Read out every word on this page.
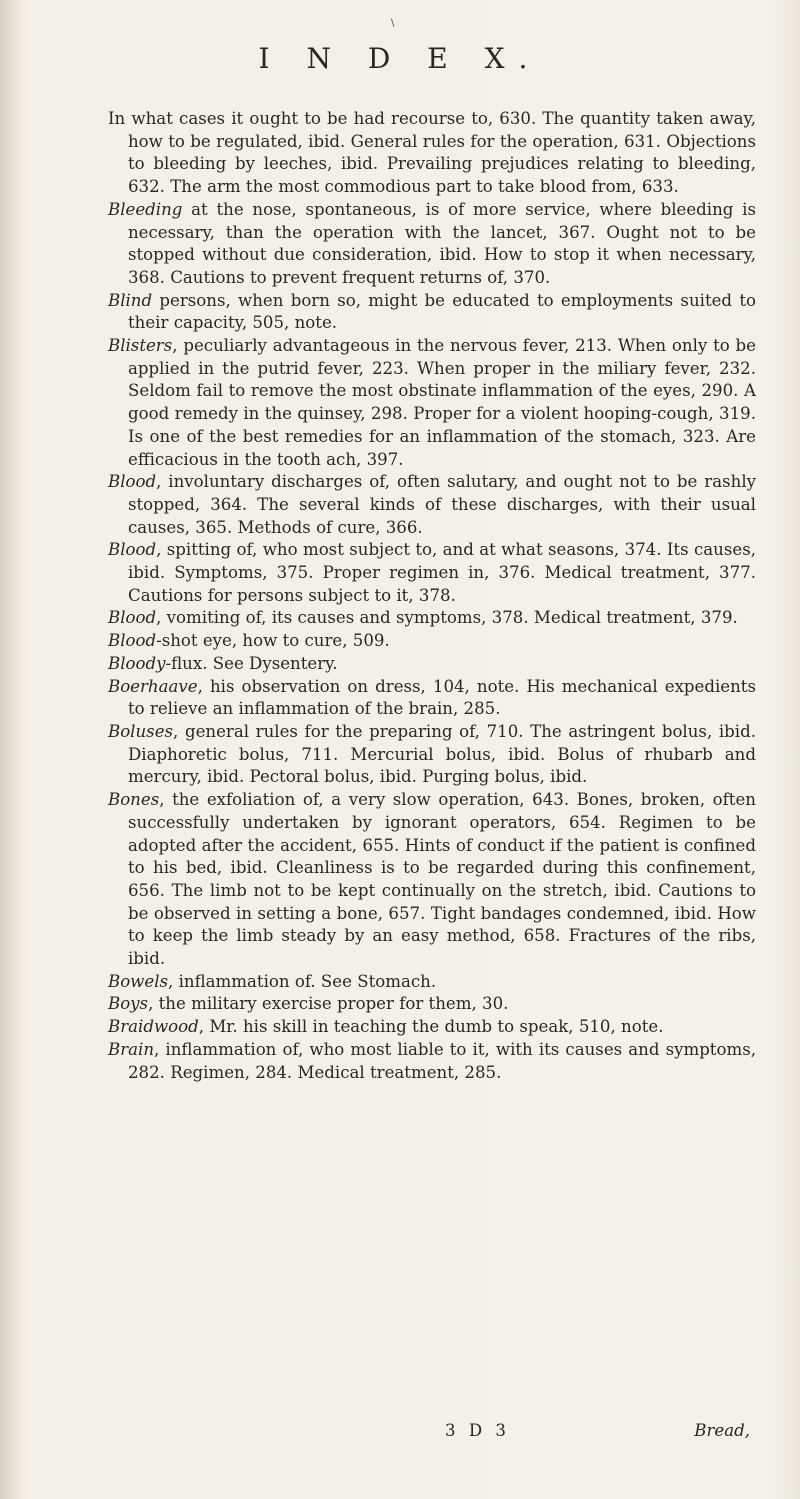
\
I N D E X.

In what cases it ought to be had recourse to, 630. The quantity taken away, how to be regulated, ibid. General rules for the operation, 631. Objections to bleeding by leeches, ibid. Prevailing prejudices relating to bleeding, 632. The arm the most commodious part to take blood from, 633.

Bleeding at the nose, spontaneous, is of more service, where bleeding is necessary, than the operation with the lancet, 367. Ought not to be stopped without due consideration, ibid. How to stop it when necessary, 368. Cautions to prevent frequent returns of, 370.

Blind persons, when born so, might be educated to employments suited to their capacity, 505, note.

Blisters, peculiarly advantageous in the nervous fever, 213. When only to be applied in the putrid fever, 223. When proper in the miliary fever, 232. Seldom fail to remove the most obstinate inflammation of the eyes, 290. A good remedy in the quinsey, 298. Proper for a violent hooping-cough, 319. Is one of the best remedies for an inflammation of the stomach, 323. Are efficacious in the tooth ach, 397.

Blood, involuntary discharges of, often salutary, and ought not to be rashly stopped, 364. The several kinds of these discharges, with their usual causes, 365. Methods of cure, 366.

Blood, spitting of, who most subject to, and at what seasons, 374. Its causes, ibid. Symptoms, 375. Proper regimen in, 376. Medical treatment, 377. Cautions for persons subject to it, 378.

Blood, vomiting of, its causes and symptoms, 378. Medical treatment, 379.

Blood-shot eye, how to cure, 509.

Bloody-flux. See Dysentery.

Boerhaave, his observation on dress, 104, note. His mechanical expedients to relieve an inflammation of the brain, 285.

Boluses, general rules for the preparing of, 710. The astringent bolus, ibid. Diaphoretic bolus, 711. Mercurial bolus, ibid. Bolus of rhubarb and mercury, ibid. Pectoral bolus, ibid. Purging bolus, ibid.

Bones, the exfoliation of, a very slow operation, 643. Bones, broken, often successfully undertaken by ignorant operators, 654. Regimen to be adopted after the accident, 655. Hints of conduct if the patient is confined to his bed, ibid. Cleanliness is to be regarded during this confinement, 656. The limb not to be kept continually on the stretch, ibid. Cautions to be observed in setting a bone, 657. Tight bandages condemned, ibid. How to keep the limb steady by an easy method, 658. Fractures of the ribs, ibid.

Bowels, inflammation of. See Stomach.

Boys, the military exercise proper for them, 30.

Braidwood, Mr. his skill in teaching the dumb to speak, 510, note.

Brain, inflammation of, who most liable to it, with its causes and symptoms, 282. Regimen, 284. Medical treatment, 285.

3 D 3	Bread,
